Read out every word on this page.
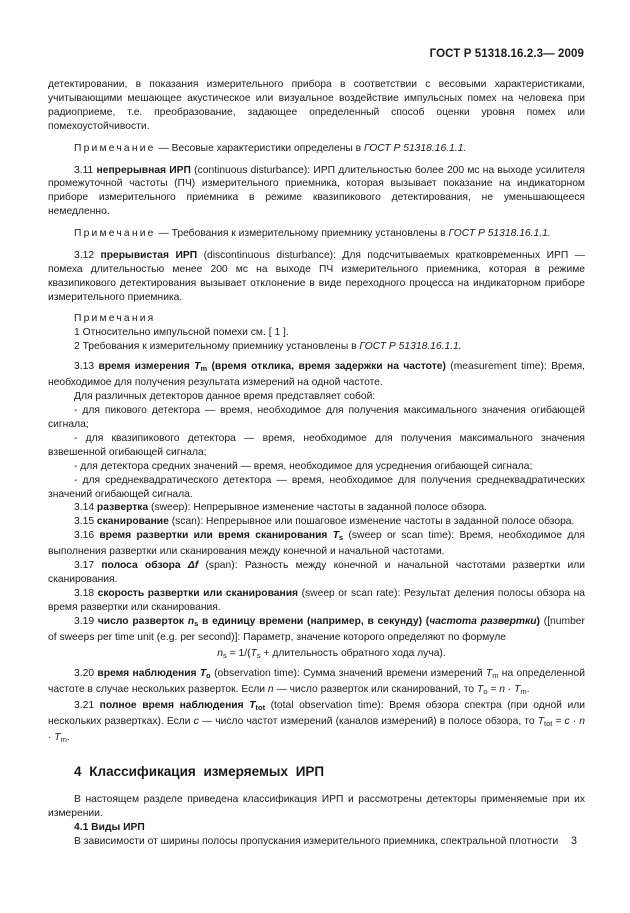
ГОСТ Р 51318.16.2.3— 2009

детектировании, в показания измерительного прибора в соответствии с весовыми характеристиками, учитывающими мешающее акустическое или визуальное воздействие импульсных помех на человека при радиоприеме, т.е. преобразование, задающее определенный способ оценки уровня помех или помехоустойчивости.

Примечание — Весовые характеристики определены в ГОСТ Р 51318.16.1.1.

3.11 непрерывная ИРП (continuous disturbance): ИРП длительностью более 200 мс на выходе усилителя промежуточной частоты (ПЧ) измерительного приемника, которая вызывает показание на индикаторном приборе измерительного приемника в режиме квазипикового детектирования, не уменьшающееся немедленно.

Примечание — Требования к измерительному приемнику установлены в ГОСТ Р 51318.16.1.1.

3.12 прерывистая ИРП (discontinuous disturbance): Для подсчитываемых кратковременных ИРП — помеха длительностью менее 200 мс на выходе ПЧ измерительного приемника, которая в режиме квазипикового детектирования вызывает отклонение в виде переходного процесса на индикаторном приборе измерительного приемника.

Примечания

1 Относительно импульсной помехи см. [ 1 ].

2 Требования к измерительному приемнику установлены в ГОСТ Р 51318.16.1.1.

3.13 время измерения $T_m$ (время отклика, время задержки на частоте) (measurement time): Время, необходимое для получения результата измерений на одной частоте.

Для различных детекторов данное время представляет собой:

- для пикового детектора — время, необходимое для получения максимального значения огибающей сигнала;

- для квазипикового детектора — время, необходимое для получения максимального значения взвешенной огибающей сигнала;

- для детектора средних значений — время, необходимое для усреднения огибающей сигнала;

- для среднеквадратического детектора — время, необходимое для получения среднеквадратических значений огибающей сигнала.

3.14 развертка (sweep): Непрерывное изменение частоты в заданной полосе обзора.

3.15 сканирование (scan): Непрерывное или пошаговое изменение частоты в заданной полосе обзора.

3.16 время развертки или время сканирования $T_s$ (sweep or scan time): Время, необходимое для выполнения развертки или сканирования между конечной и начальной частотами.

3.17 полоса обзора Δf (span): Разность между конечной и начальной частотами развертки или сканирования.

3.18 скорость развертки или сканирования (sweep or scan rate): Результат деления полосы обзора на время развертки или сканирования.

3.19 число разверток $n_s$ в единицу времени (например, в секунду) (частота развертки) ([number of sweeps per time unit (e.g. per second)]: Параметр, значение которого определяют по формуле

$n_s = 1/(T_s$ + длительность обратного хода луча).

3.20 время наблюдения $T_o$ (observation time): Сумма значений времени измерений $T_m$ на определенной частоте в случае нескольких разверток. Если n — число разверток или сканирований, то $T_o = n \cdot T_m$.

3.21 полное время наблюдения $T_{tot}$ (total observation time): Время обзора спектра (при одной или нескольких развертках). Если c — число частот измерений (каналов измерений) в полосе обзора, то $T_{tot} = c \cdot n \cdot T_m$.

4 Классификация измеряемых ИРП

В настоящем разделе приведена классификация ИРП и рассмотрены детекторы применяемые при их измерении.

4.1 Виды ИРП

В зависимости от ширины полосы пропускания измерительного приемника, спектральной плотности	3
